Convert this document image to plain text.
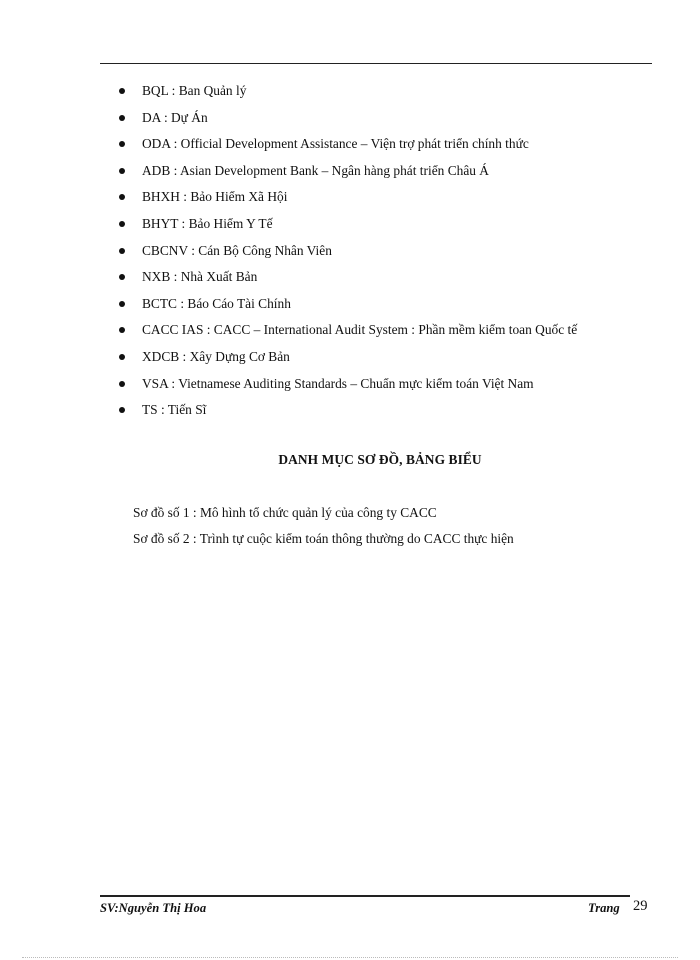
BQL : Ban Quản lý
DA : Dự Án
ODA : Official Development Assistance – Viện trợ phát triển chính thức
ADB : Asian Development Bank – Ngân hàng phát triển Châu Á
BHXH : Bảo Hiểm Xã Hội
BHYT : Bảo Hiểm Y Tế
CBCNV : Cán Bộ Công Nhân Viên
NXB : Nhà Xuất Bản
BCTC : Báo Cáo Tài Chính
CACC IAS : CACC – International Audit System : Phần mềm kiểm toan Quốc tế
XDCB : Xây Dựng Cơ Bản
VSA : Vietnamese Auditing Standards – Chuẩn mực kiểm toán Việt Nam
TS : Tiến Sĩ
DANH MỤC SƠ ĐỒ, BẢNG BIỂU
Sơ đồ số 1 : Mô hình tổ chức quản lý của công ty CACC
Sơ đồ số 2 : Trình tự cuộc kiểm toán thông thường do CACC thực hiện
SV:Nguyễn Thị Hoa	Trang 29
